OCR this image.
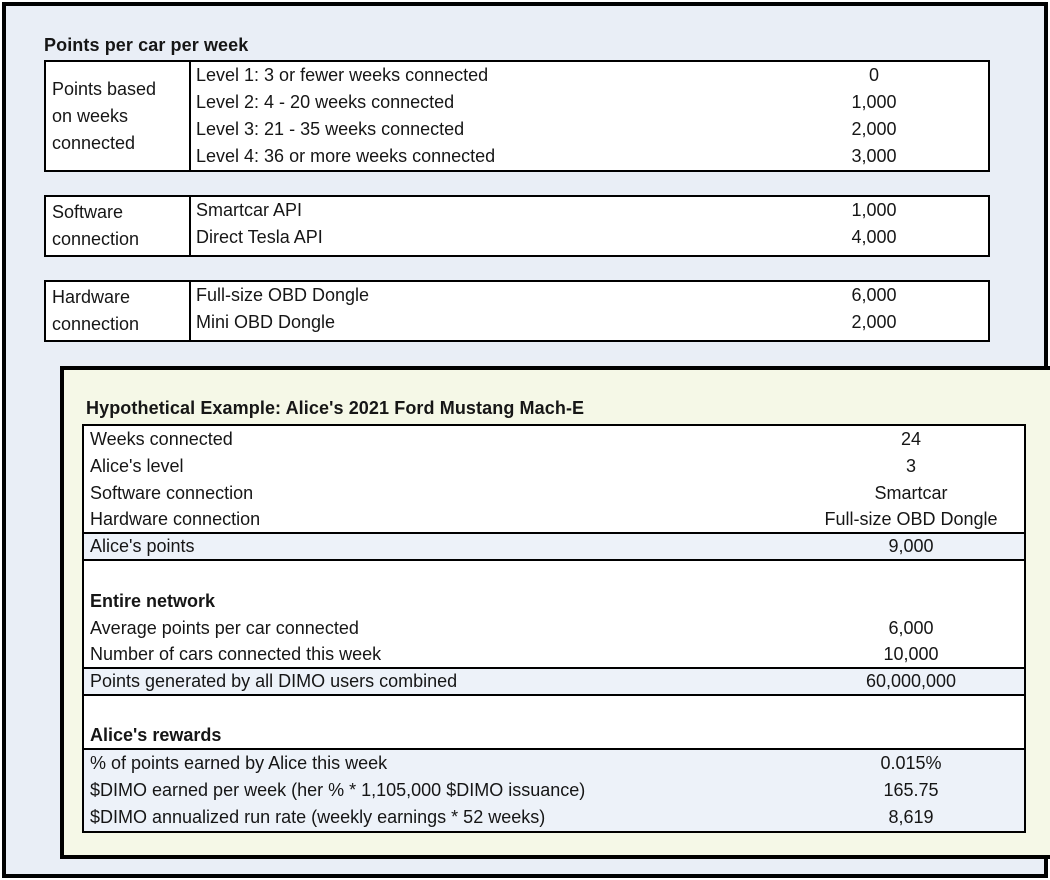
Points per car per week
Points based on weeks connected
Level 1: 3 or fewer weeks connected	0
Level 2: 4 - 20 weeks connected	1,000
Level 3: 21 - 35 weeks connected	2,000
Level 4: 36 or more weeks connected	3,000
Software connection
Smartcar API	1,000
Direct Tesla API	4,000
Hardware connection
Full-size OBD Dongle	6,000
Mini OBD Dongle	2,000
Hypothetical Example: Alice's 2021 Ford Mustang Mach-E
Weeks connected	24
Alice's level	3
Software connection	Smartcar
Hardware connection	Full-size OBD Dongle
Alice's points	9,000
Entire network
Average points per car connected	6,000
Number of cars connected this week	10,000
Points generated by all DIMO users combined	60,000,000
Alice's rewards
% of points earned by Alice this week	0.015%
$DIMO earned per week (her % * 1,105,000 $DIMO issuance)	165.75
$DIMO annualized run rate (weekly earnings * 52 weeks)	8,619
